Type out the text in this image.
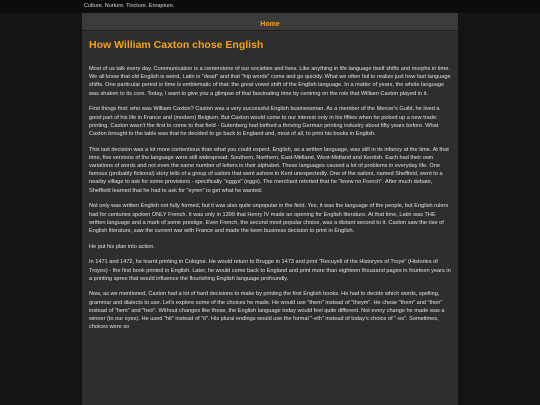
Culture. Nurture. Tincture. Enrapture.
Home
How William Caxton chose English

Most of us talk every day. Communication is a centerstone of our societies and lives. Like anything in life language itself shifts and morphs in time. We all know that old English is weird, Latin is "dead" and that "hip words" come and go quickly. What we often fail to realize just how fast language shifts. One particular period in time is emblematic of that: the great vowel shift of the English language. In a matter of years, the whole language was shaken to its core. Today, I want to give you a glimpse of that fascinating time by centring on the role that William Caxton played in it.

First things first: who was William Caxton? Caxton was a very successful English businessman. As a member of the Mercer's Guild, he lived a good part of his life in France and (modern) Belgium. But Caxton would come to our interest only in his fifties when he picked up a new trade: printing. Caxton wasn't the first to come to that field - Gutenberg had birthed a thriving German printing industry about fifty years before. What Caxton brought to the table was that he decided to go back to England and, most of all, to print his books in English.

This last decision was a lot more contentious than what you could expect. English, as a written language, was still in its infancy at the time. At that time, five versions of the language were still widespread: Southern, Northern, East-Midland, West-Midland and Kentish. Each had their own variations of words and not even the same number of letters in their alphabet. These languages caused a lot of problems in everyday life. One famous (probably fictional) story tells of a group of sailors that went ashore in Kent unexpectedly. One of the sailors, named Sheffield, went to a nearby village to ask for some provisions - specifically "eggys" (eggs). The merchant retorted that he "knew no French". After much debate, Sheffield learned that he had to ask for "eyren" to get what he wanted.

Not only was written English not fully formed, but it was also quite unpopular in the field. Yes, it was the language of the people, but English rulers had for centuries spoken ONLY French. It was only in 1399 that Henry IV made an opening for English literature. At that time, Latin was THE written language and a mark of some prestige. Even French, the second most popular choice, was a distant second to it. Caxton saw the rise of English literature, saw the current war with France and made the keen business decision to print in English.

He put his plan into action.

In 1471 and 1472, he learnt printing in Cologne. He would return to Brugge in 1473 and print "Recuyell of the Historyes of Troye" (Histories of Troyes) - the first book printed in English. Later, he would come back to England and print more than eighteen thousand pages in fourteen years in a printing spree that would influence the flourishing English language profoundly.

Now, as we mentioned, Caxton had a lot of hard decisions to make by printing the first English books. He had to decide which words, spelling, grammar and dialects to use. Let's explore some of the choices he made. He would use "them" instead of "theym". He chose "them" and "their" instead of "hem" and "heir". Without changes like these, the English language today would feel quite different. Not every change he made was a winner (to our eyes). He used "hit" instead of "it". His plural endings would use the formal "-eth" instead of today's choice of "-es". Sometimes, choices were so
